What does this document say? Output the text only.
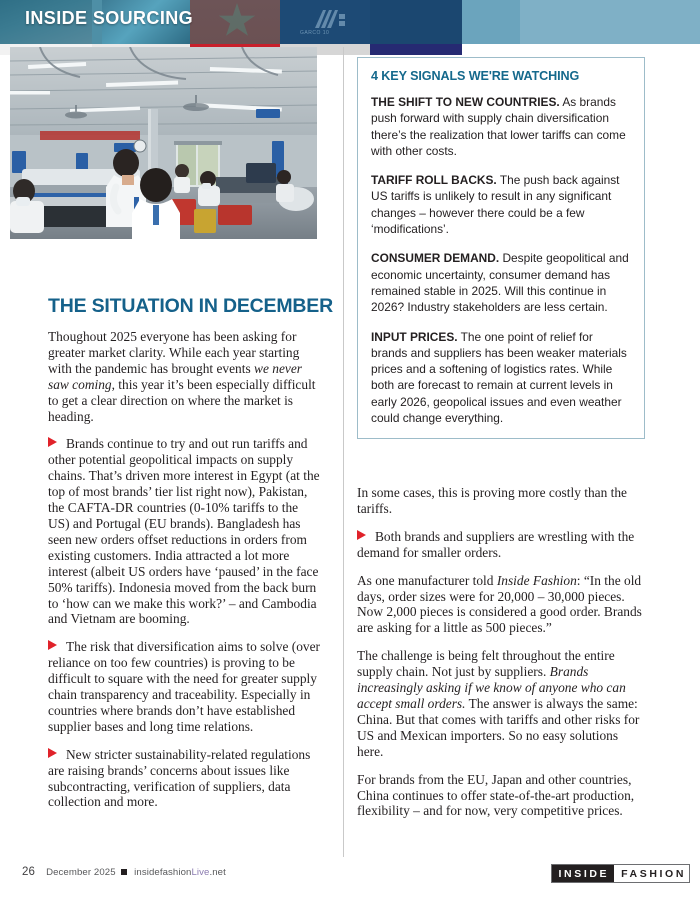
GARCO 10
INSIDE SOURCING
THE SITUATION IN DECEMBER

Thoughout 2025 everyone has been asking for greater market clarity. While each year starting with the pandemic has brought events we never saw coming, this year it’s been especially difficult to get a clear direction on where the market is heading.

Brands continue to try and out run tariffs and other potential geopolitical impacts on supply chains. That’s driven more interest in Egypt (at the top of most brands’ tier list right now), Pakistan, the CAFTA-DR countries (0-10% tariffs to the US) and Portugal (EU brands). Bangladesh has seen new orders offset reductions in orders from existing customers. India attracted a lot more interest (albeit US orders have ‘paused’ in the face 50% tariffs). Indonesia moved from the back burn to ‘how can we make this work?’ – and Cambodia and Vietnam are booming.

The risk that diversification aims to solve (over reliance on too few countries) is proving to be difficult to square with the need for greater supply chain transparency and traceability. Especially in countries where brands don’t have established supplier bases and long time relations.

New stricter sustainability-related regulations are raising brands’ concerns about issues like subcontracting, verification of suppliers, data collection and more.

4 KEY SIGNALS WE'RE WATCHING

THE SHIFT TO NEW COUNTRIES. As brands push forward with supply chain diversification there’s the realization that lower tariffs can come with other costs.

TARIFF ROLL BACKS. The push back against US tariffs is unlikely to result in any significant changes – however there could be a few ‘modifications’.

CONSUMER DEMAND. Despite geopolitical and economic uncertainty, consumer demand has remained stable in 2025. Will this continue in 2026? Industry stakeholders are less certain.

INPUT PRICES. The one point of relief for brands and suppliers has been weaker materials prices and a softening of logistics rates. While both are forecast to remain at current levels in early 2026, geopolical issues and even weather could change everything.

In some cases, this is proving more costly than the tariffs.

Both brands and suppliers are wrestling with the demand for smaller orders.

As one manufacturer told Inside Fashion: “In the old days, order sizes were for 20,000 – 30,000 pieces. Now 2,000 pieces is considered a good order. Brands are asking for a little as 500 pieces.”

The challenge is being felt throughout the entire supply chain. Not just by suppliers. Brands increasingly asking if we know of anyone who can accept small orders. The answer is always the same: China. But that comes with tariffs and other risks for US and Mexican importers. So no easy solutions here.

For brands from the EU, Japan and other countries, China continues to offer state-of-the-art production, flexibility – and for now, very competitive prices.

26 December 2025 insidefashionLive.net	INSIDE	FASHION
